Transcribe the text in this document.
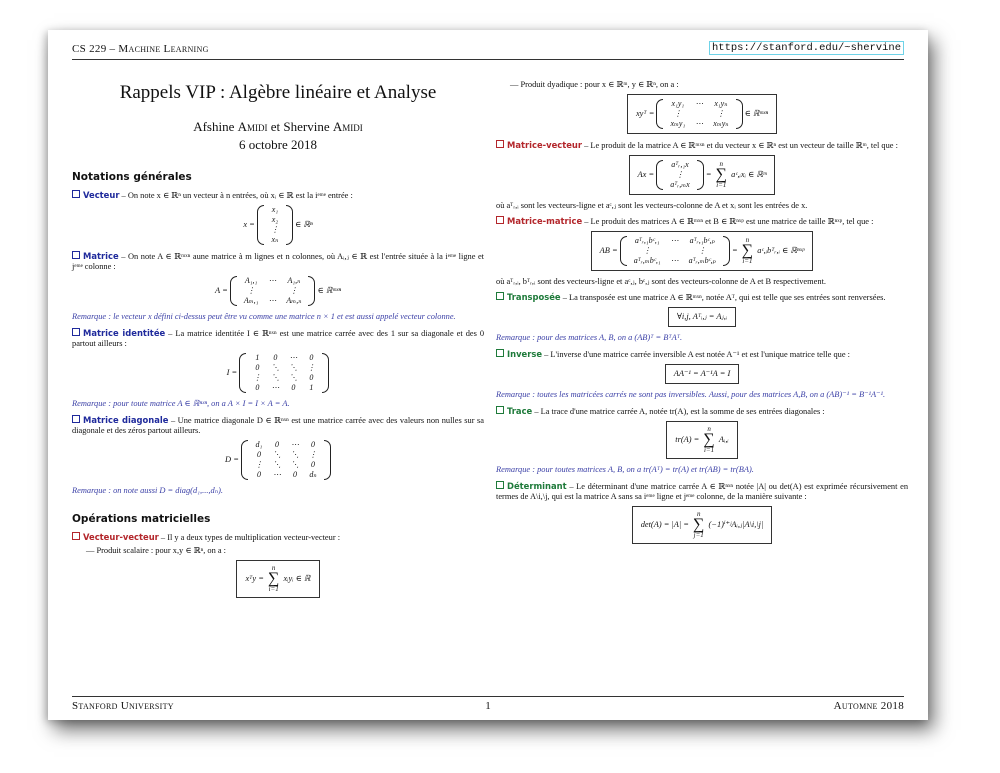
CS 229 – Machine Learning	https://stanford.edu/~shervine
Rappels VIP : Algèbre linéaire et Analyse
Afshine Amidi et Shervine Amidi
6 octobre 2018
Notations générales

Vecteur – On note x ∈ ℝⁿ un vecteur à n entrées, où xᵢ ∈ ℝ est la iᵉᵐᵉ entrée :

x =
x₁
x₂
⋮
xₙ
∈ ℝⁿ

Matrice – On note A ∈ ℝᵐˣⁿ aune matrice à m lignes et n colonnes, où Aᵢ,ⱼ ∈ ℝ est l'entrée située à la iᵉᵐᵉ ligne et jᵉᵐᵉ colonne :

A =
A₁,₁	⋯	A₁,ₙ
⋮		⋮
Aₘ,₁	⋯	Aₘ,ₙ
∈ ℝᵐˣⁿ

Remarque : le vecteur x défini ci-dessus peut être vu comme une matrice n × 1 et est aussi appelé vecteur colonne.

Matrice identitée – La matrice identitée I ∈ ℝⁿˣⁿ est une matrice carrée avec des 1 sur sa diagonale et des 0 partout ailleurs :

I =
1	0	⋯	0
0	⋱	⋱	⋮
⋮	⋱	⋱	0
0	⋯	0	1

Remarque : pour toute matrice A ∈ ℝⁿˣⁿ, on a A × I = I × A = A.

Matrice diagonale – Une matrice diagonale D ∈ ℝⁿˣⁿ est une matrice carrée avec des valeurs non nulles sur sa diagonale et des zéros partout ailleurs.

D =
d₁	0	⋯	0
0	⋱	⋱	⋮
⋮	⋱	⋱	0
0	⋯	0	dₙ

Remarque : on note aussi D = diag(d₁,...,dₙ).

Opérations matricielles

Vecteur-vecteur – Il y a deux types de multiplication vecteur-vecteur :

— Produit scalaire : pour x,y ∈ ℝⁿ, on a :
xᵀy = n
∑
i=1 xᵢyᵢ ∈ ℝ
— Produit dyadique : pour x ∈ ℝᵐ, y ∈ ℝⁿ, on a :
xyᵀ =
x₁y₁	⋯	x₁yₙ
⋮		⋮
xₘy₁	⋯	xₘyₙ
∈ ℝᵐˣⁿ

Matrice-vecteur – Le produit de la matrice A ∈ ℝᵐˣⁿ et du vecteur x ∈ ℝⁿ est un vecteur de taille ℝᵐ, tel que :

Ax =
aᵀᵣ,₁x
⋮
aᵀᵣ,ₘx
= n
∑
i=1 aᶜ,ᵢxᵢ ∈ ℝᵐ

où aᵀᵣ,ᵢ sont les vecteurs-ligne et aᶜ,ⱼ sont les vecteurs-colonne de A et xᵢ sont les entrées de x.

Matrice-matrice – Le produit des matrices A ∈ ℝᵐˣⁿ et B ∈ ℝⁿˣᵖ est une matrice de taille ℝⁿˣᵖ, tel que :

AB =
aᵀᵣ,₁bᶜ,₁	⋯	aᵀᵣ,₁bᶜ,ₚ
⋮		⋮
aᵀᵣ,ₘbᶜ,₁	⋯	aᵀᵣ,ₘbᶜ,ₚ
= n
∑
i=1 aᶜ,ᵢbᵀᵣ,ᵢ ∈ ℝⁿˣᵖ

où aᵀᵣ,ᵢ, bᵀᵣ,ᵢ sont des vecteurs-ligne et aᶜ,ⱼ, bᶜ,ⱼ sont des vecteurs-colonne de A et B respectivement.

Transposée – La transposée est une matrice A ∈ ℝᵐˣⁿ, notée Aᵀ, qui est telle que ses entrées sont renversées.

∀i,j, Aᵀᵢ,ⱼ = Aⱼ,ᵢ

Remarque : pour des matrices A, B, on a (AB)ᵀ = BᵀAᵀ.

Inverse – L'inverse d'une matrice carrée inversible A est notée A⁻¹ et est l'unique matrice telle que :

AA⁻¹ = A⁻¹A = I

Remarque : toutes les matricées carrés ne sont pas inversibles. Aussi, pour des matrices A,B, on a (AB)⁻¹ = B⁻¹A⁻¹.

Trace – La trace d'une matrice carrée A, notée tr(A), est la somme de ses entrées diagonales :

tr(A) = n
∑
i=1 Aᵢ,ᵢ

Remarque : pour toutes matrices A, B, on a tr(Aᵀ) = tr(A) et tr(AB) = tr(BA).

Déterminant – Le déterminant d'une matrice carrée A ∈ ℝⁿˣⁿ notée |A| ou det(A) est exprimée récursivement en termes de A\i,\j, qui est la matrice A sans sa iᵉᵐᵉ ligne et jᵉᵐᵉ colonne, de la manière suivante :

det(A) = |A| = n
∑
j=1 (−1)ⁱ⁺ʲAᵢ,ⱼ|A\i,\j|
Stanford University	1	Automne 2018
